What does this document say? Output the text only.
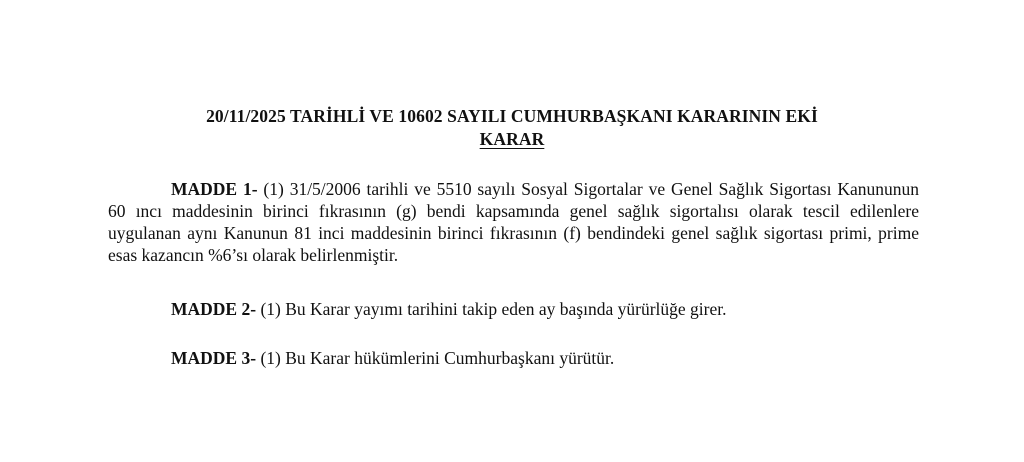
20/11/2025 TARİHLİ VE 10602 SAYILI CUMHURBAŞKANI KARARININ EKİ
KARAR

MADDE 1- (1) 31/5/2006 tarihli ve 5510 sayılı Sosyal Sigortalar ve Genel Sağlık Sigortası Kanununun 60 ıncı maddesinin birinci fıkrasının (g) bendi kapsamında genel sağlık sigortalısı olarak tescil edilenlere uygulanan aynı Kanunun 81 inci maddesinin birinci fıkrasının (f) bendindeki genel sağlık sigortası primi, prime esas kazancın %6’sı olarak belirlenmiştir.

MADDE 2- (1) Bu Karar yayımı tarihini takip eden ay başında yürürlüğe girer.

MADDE 3- (1) Bu Karar hükümlerini Cumhurbaşkanı yürütür.
